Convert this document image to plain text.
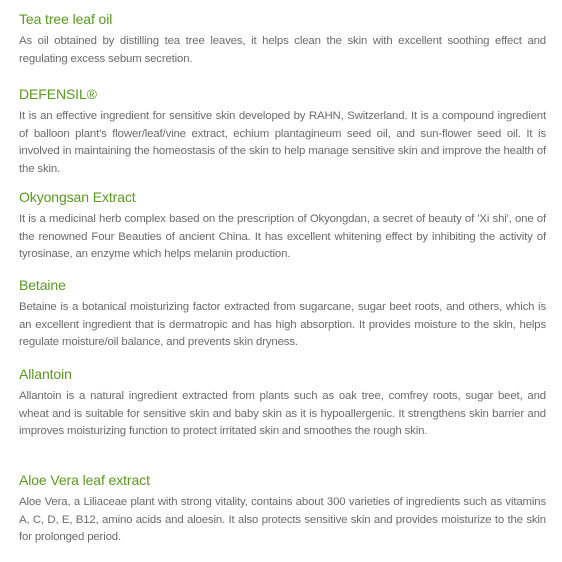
Tea tree leaf oil

As oil obtained by distilling tea tree leaves, it helps clean the skin with excellent soothing effect and regulating excess sebum secretion.

DEFENSIL®

It is an effective ingredient for sensitive skin developed by RAHN, Switzerland. It is a compound ingredient of balloon plant's flower/leaf/vine extract, echium plantagineum seed oil, and sun-flower seed oil. It is involved in maintaining the homeostasis of the skin to help manage sensitive skin and improve the health of the skin.

Okyongsan Extract

It is a medicinal herb complex based on the prescription of Okyongdan, a secret of beauty of 'Xi shi', one of the renowned Four Beauties of ancient China. It has excellent whitening effect by inhibiting the activity of tyrosinase, an enzyme which helps melanin production.

Betaine

Betaine is a botanical moisturizing factor extracted from sugarcane, sugar beet roots, and others, which is an excellent ingredient that is dermatropic and has high absorption. It provides moisture to the skin, helps regulate moisture/oil balance, and prevents skin dryness.

Allantoin

Allantoin is a natural ingredient extracted from plants such as oak tree, comfrey roots, sugar beet, and wheat and is suitable for sensitive skin and baby skin as it is hypoallergenic. It strengthens skin barrier and improves moisturizing function to protect irritated skin and smoothes the rough skin.

Aloe Vera leaf extract

Aloe Vera, a Liliaceae plant with strong vitality, contains about 300 varieties of ingredients such as vitamins A, C, D, E, B12, amino acids and aloesin. It also protects sensitive skin and provides moisturize to the skin for prolonged period.
